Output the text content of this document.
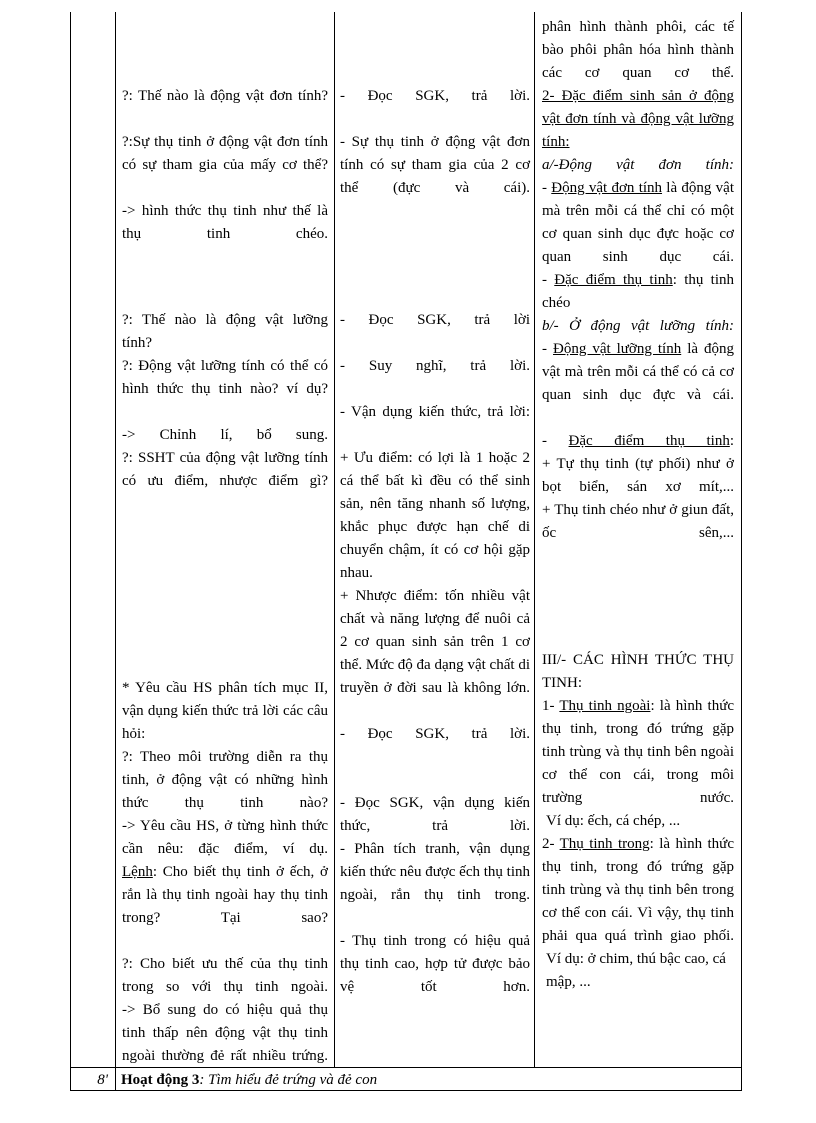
?: Thế nào là động vật đơn tính?
?:Sự thụ tinh ở động vật đơn tính có sự tham gia của mấy cơ thể?
-> hình thức thụ tinh như thế là thụ tinh chéo.
?: Thế nào là động vật lưỡng tính?
?: Động vật lưỡng tính có thể có hình thức thụ tinh nào? ví dụ?
-> Chỉnh lí, bổ sung.
?: SSHT của động vật lưỡng tính có ưu điểm, nhược điểm gì?
* Yêu cầu HS phân tích mục II, vận dụng kiến thức trả lời các câu hỏi:
?: Theo môi trường diễn ra thụ tinh, ở động vật có những hình thức thụ tinh nào?
-> Yêu cầu HS, ở từng hình thức cần nêu: đặc điểm, ví dụ.
Lệnh: Cho biết thụ tinh ở ếch, ở rắn là thụ tinh ngoài hay thụ tinh trong? Tại sao?
?: Cho biết ưu thế của thụ tinh trong so với thụ tinh ngoài.
-> Bổ sung do có hiệu quả thụ tinh thấp nên động vật thụ tinh ngoài thường đẻ rất nhiều trứng.
- Đọc SGK, trả lời.
- Sự thụ tinh ở động vật đơn tính có sự tham gia của 2 cơ thể (đực và cái).
- Đọc SGK, trả lời
- Suy nghĩ, trả lời.
- Vận dụng kiến thức, trả lời:
+ Ưu điểm: có lợi là 1 hoặc 2 cá thể bất kì đều có thể sinh sản, nên tăng nhanh số lượng, khắc phục được hạn chế di chuyển chậm, ít có cơ hội gặp nhau.
+ Nhược điểm: tốn nhiều vật chất và năng lượng để nuôi cả 2 cơ quan sinh sản trên 1 cơ thể. Mức độ đa dạng vật chất di truyền ở đời sau là không lớn.
- Đọc SGK, trả lời.
- Đọc SGK, vận dụng kiến thức, trả lời.
- Phân tích tranh, vận dụng kiến thức nêu được ếch thụ tinh ngoài, rắn thụ tinh trong.
- Thụ tinh trong có hiệu quả thụ tinh cao, hợp tử được bảo vệ tốt hơn.
phân hình thành phôi, các tế bào phôi phân hóa hình thành các cơ quan cơ thể.
2- Đặc điểm sinh sản ở động vật đơn tính và động vật lưỡng tính:
a/-Động vật đơn tính:
- Động vật đơn tính là động vật mà trên mỗi cá thể chỉ có một cơ quan sinh dục đực hoặc cơ quan sinh dục cái.
- Đặc điểm thụ tinh: thụ tinh chéo
b/- Ở động vật lưỡng tính:
- Động vật lưỡng tính là động vật mà trên mỗi cá thể có cả cơ quan sinh dục đực và cái.
- Đặc điểm thụ tinh:
+ Tự thụ tinh (tự phối) như ở bọt biển, sán xơ mít,...
+ Thụ tinh chéo như ở giun đất, ốc sên,...
III/- CÁC HÌNH THỨC THỤ TINH:
1- Thụ tinh ngoài: là hình thức thụ tinh, trong đó trứng gặp tinh trùng và thụ tinh bên ngoài cơ thể con cái, trong môi trường nước.
Ví dụ: ếch, cá chép, ...
2- Thụ tinh trong: là hình thức thụ tinh, trong đó trứng gặp tinh trùng và thụ tinh bên trong cơ thể con cái. Vì vậy, thụ tinh phải qua quá trình giao phối.
Ví dụ: ở chim, thú bậc cao, cá mập, ...
8' Hoạt động 3: Tìm hiểu đẻ trứng và đẻ con
